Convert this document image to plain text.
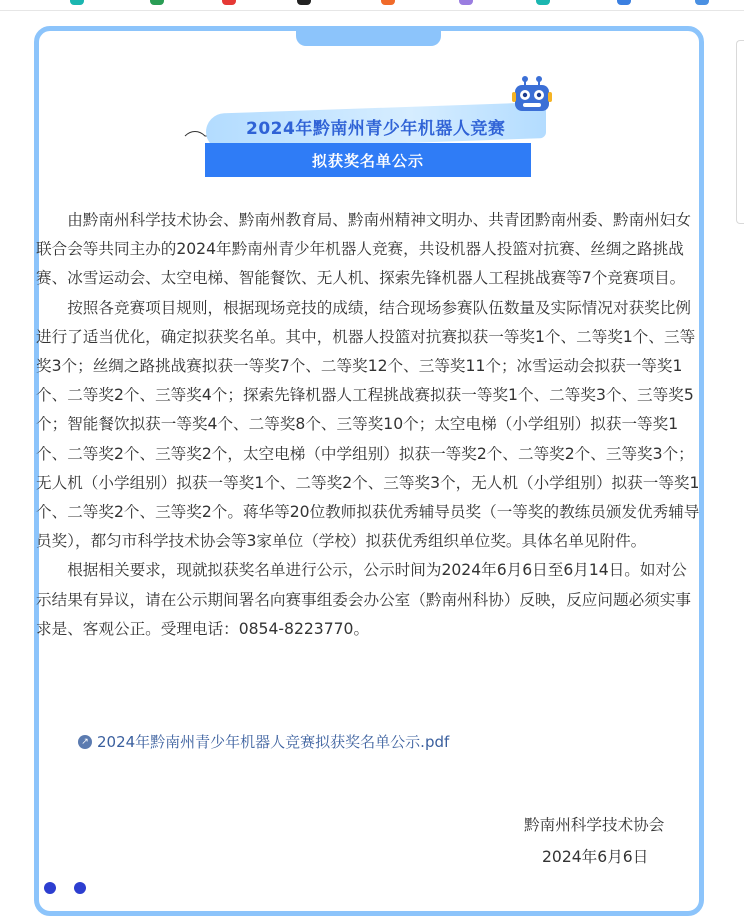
2024年黔南州青少年机器人竞赛
拟获奖名单公示

由黔南州科学技术协会、黔南州教育局、黔南州精神文明办、共青团黔南州委、黔南州妇女联合会等共同主办的2024年黔南州青少年机器人竞赛，共设机器人投篮对抗赛、丝绸之路挑战赛、冰雪运动会、太空电梯、智能餐饮、无人机、探索先锋机器人工程挑战赛等7个竞赛项目。

按照各竞赛项目规则，根据现场竞技的成绩，结合现场参赛队伍数量及实际情况对获奖比例进行了适当优化，确定拟获奖名单。其中，机器人投篮对抗赛拟获一等奖1个、二等奖1个、三等奖3个；丝绸之路挑战赛拟获一等奖7个、二等奖12个、三等奖11个；冰雪运动会拟获一等奖1个、二等奖2个、三等奖4个；探索先锋机器人工程挑战赛拟获一等奖1个、二等奖3个、三等奖5个；智能餐饮拟获一等奖4个、二等奖8个、三等奖10个；太空电梯（小学组别）拟获一等奖1个、二等奖2个、三等奖2个，太空电梯（中学组别）拟获一等奖2个、二等奖2个、三等奖3个；无人机（小学组别）拟获一等奖1个、二等奖2个、三等奖3个，无人机（小学组别）拟获一等奖1个、二等奖2个、三等奖2个。蒋华等20位教师拟获优秀辅导员奖（一等奖的教练员颁发优秀辅导员奖），都匀市科学技术协会等3家单位（学校）拟获优秀组织单位奖。具体名单见附件。

根据相关要求，现就拟获奖名单进行公示，公示时间为2024年6月6日至6月14日。如对公示结果有异议，请在公示期间署名向赛事组委会办公室（黔南州科协）反映，反应问题必须实事求是、客观公正。受理电话：0854-8223770。

↗ 2024年黔南州青少年机器人竞赛拟获奖名单公示.pdf
黔南州科学技术协会
2024年6月6日
